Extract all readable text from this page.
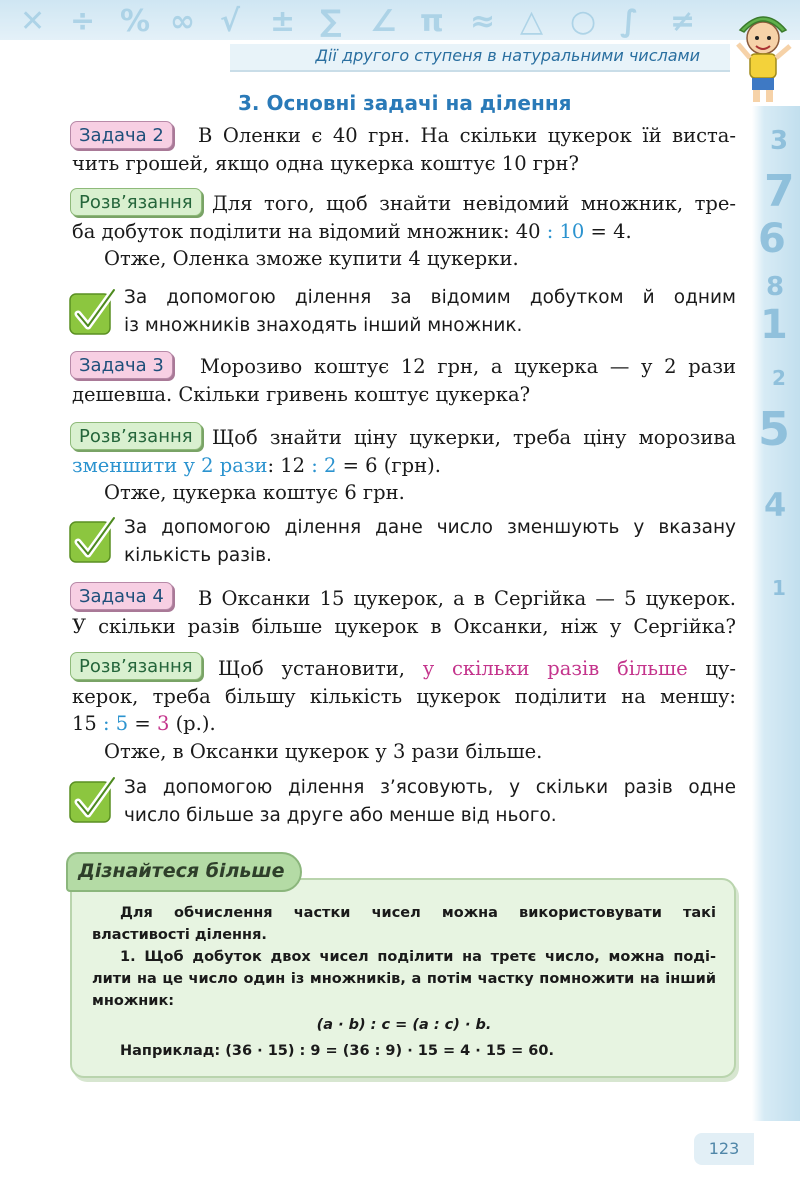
✕ ÷ % ∞ √ ± ∑ ∠ π ≈ △ ○ ∫ ≠
Дії другого ступеня в натуральними числами
3
7
6
8
1
2
5
4
1
3. Основні задачі на ділення
Задача 2	В Оленки є 40 грн. На скільки цукерок їй виста-
чить грошей, якщо одна цукерка коштує 10 грн?
Розв’язання Для того, щоб знайти невідомий множник, тре-
ба добуток поділити на відомий множник: 40 : 10 = 4.
Отже, Оленка зможе купити 4 цукерки.
За допомогою ділення за відомим добутком й одним
із множників знаходять інший множник.
Задача 3	Морозиво коштує 12 грн, а цукерка — у 2 рази
дешевша. Скільки гривень коштує цукерка?
Розв’язання Щоб знайти ціну цукерки, треба ціну морозива
зменшити у 2 рази: 12 : 2 = 6 (грн).
Отже, цукерка коштує 6 грн.
За допомогою ділення дане число зменшують у вказану
кількість разів.
Задача 4	В Оксанки 15 цукерок, а в Сергійка — 5 цукерок.
У скільки разів більше цукерок в Оксанки, ніж у Сергійка?
Розв’язання	Щоб установити, у скільки разів більше цу-
керок, треба більшу кількість цукерок поділити на меншу:
15 : 5 = 3 (р.).
Отже, в Оксанки цукерок у 3 рази більше.
За допомогою ділення з’ясовують, у скільки разів одне
число більше за друге або менше від нього.
Дізнайтеся більше
Для обчислення частки чисел можна використовувати такі
властивості ділення.
1. Щоб добуток двох чисел поділити на третє число, можна поді-
лити на це число один із множників, а потім частку помножити на інший
множник:
(a · b) : c = (a : c) · b.
Наприклад: (36 · 15) : 9 = (36 : 9) · 15 = 4 · 15 = 60.
123
